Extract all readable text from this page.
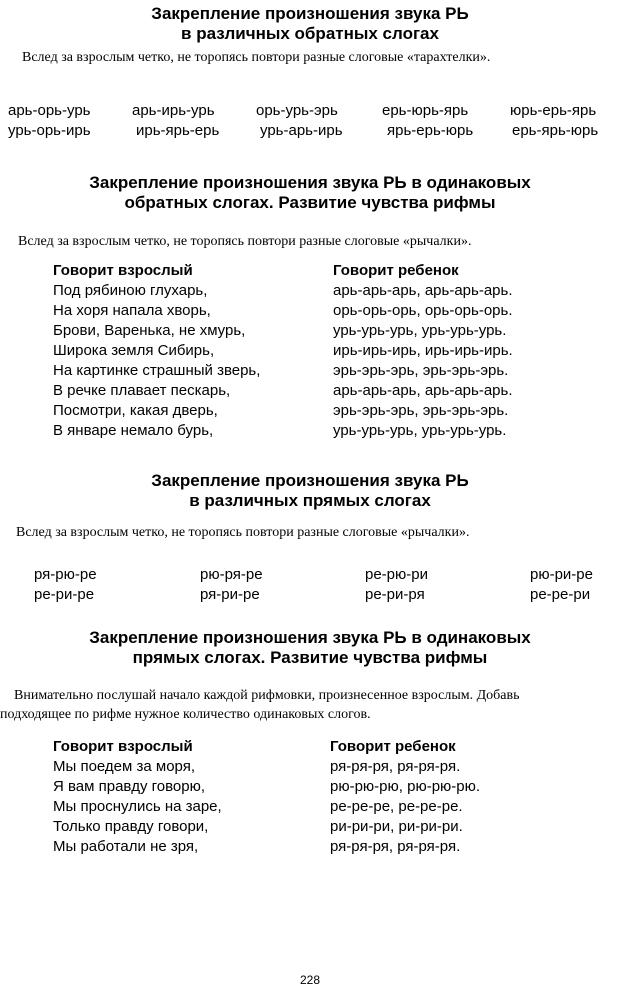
Закрепление произношения звука РЬ
в различных обратных слогах
Вслед за взрослым четко, не торопясь повтори разные слоговые «тарахтелки».
арь-орь-урь
урь-орь-ирь
арь-ирь-урь
ирь-ярь-ерь
орь-урь-эрь
урь-арь-ирь
ерь-юрь-ярь
ярь-ерь-юрь
юрь-ерь-ярь
ерь-ярь-юрь
Закрепление произношения звука РЬ в одинаковых
обратных слогах. Развитие чувства рифмы
Вслед за взрослым четко, не торопясь повтори разные слоговые «рычалки».
Говорит взрослый
Под рябиною глухарь,
На хоря напала хворь,
Брови, Варенька, не хмурь,
Широка земля Сибирь,
На картинке страшный зверь,
В речке плавает пескарь,
Посмотри, какая дверь,
В январе немало бурь,
Говорит ребенок
арь-арь-арь, арь-арь-арь.
орь-орь-орь, орь-орь-орь.
урь-урь-урь, урь-урь-урь.
ирь-ирь-ирь, ирь-ирь-ирь.
эрь-эрь-эрь, эрь-эрь-эрь.
арь-арь-арь, арь-арь-арь.
эрь-эрь-эрь, эрь-эрь-эрь.
урь-урь-урь, урь-урь-урь.
Закрепление произношения звука РЬ
в различных прямых слогах
Вслед за взрослым четко, не торопясь повтори разные слоговые «рычалки».
ря-рю-ре
ре-ри-ре
рю-ря-ре
ря-ри-ре
ре-рю-ри
ре-ри-ря
рю-ри-ре
ре-ре-ри
Закрепление произношения звука РЬ в одинаковых
прямых слогах. Развитие чувства рифмы
Внимательно послушай начало каждой рифмовки, произнесенное взрослым. Добавь
подходящее по рифме нужное количество одинаковых слогов.
Говорит взрослый
Мы поедем за моря,
Я вам правду говорю,
Мы проснулись на заре,
Только правду говори,
Мы работали не зря,
Говорит ребенок
ря-ря-ря, ря-ря-ря.
рю-рю-рю, рю-рю-рю.
ре-ре-ре, ре-ре-ре.
ри-ри-ри, ри-ри-ри.
ря-ря-ря, ря-ря-ря.
228
